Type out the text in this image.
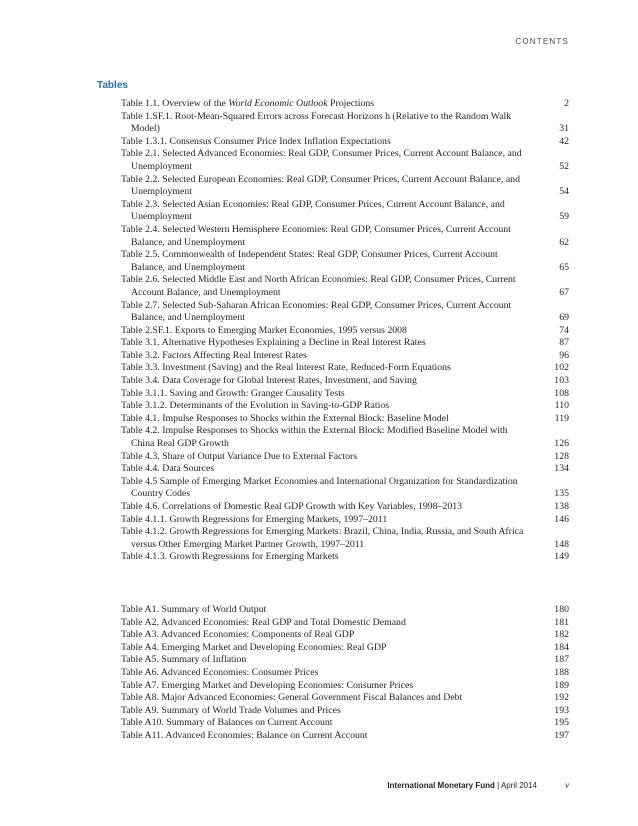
CONTENTS
Tables
Table 1.1. Overview of the World Economic Outlook Projections	2
Table 1.SF.1. Root-Mean-Squared Errors across Forecast Horizons h (Relative to the Random Walk Model)	31
Table 1.3.1. Consensus Consumer Price Index Inflation Expectations	42
Table 2.1. Selected Advanced Economies: Real GDP, Consumer Prices, Current Account Balance, and Unemployment	52
Table 2.2. Selected European Economies: Real GDP, Consumer Prices, Current Account Balance, and Unemployment	54
Table 2.3. Selected Asian Economies: Real GDP, Consumer Prices, Current Account Balance, and Unemployment	59
Table 2.4. Selected Western Hemisphere Economies: Real GDP, Consumer Prices, Current Account Balance, and Unemployment	62
Table 2.5. Commonwealth of Independent States: Real GDP, Consumer Prices, Current Account Balance, and Unemployment	65
Table 2.6. Selected Middle East and North African Economies: Real GDP, Consumer Prices, Current Account Balance, and Unemployment	67
Table 2.7. Selected Sub-Saharan African Economies: Real GDP, Consumer Prices, Current Account Balance, and Unemployment	69
Table 2.SF.1. Exports to Emerging Market Economies, 1995 versus 2008	74
Table 3.1. Alternative Hypotheses Explaining a Decline in Real Interest Rates	87
Table 3.2. Factors Affecting Real Interest Rates	96
Table 3.3. Investment (Saving) and the Real Interest Rate, Reduced-Form Equations	102
Table 3.4. Data Coverage for Global Interest Rates, Investment, and Saving	103
Table 3.1.1. Saving and Growth: Granger Causality Tests	108
Table 3.1.2. Determinants of the Evolution in Saving-to-GDP Ratios	110
Table 4.1. Impulse Responses to Shocks within the External Block: Baseline Model	119
Table 4.2. Impulse Responses to Shocks within the External Block: Modified Baseline Model with China Real GDP Growth	126
Table 4.3. Share of Output Variance Due to External Factors	128
Table 4.4. Data Sources	134
Table 4.5 Sample of Emerging Market Economies and International Organization for Standardization Country Codes	135
Table 4.6. Correlations of Domestic Real GDP Growth with Key Variables, 1998–2013	138
Table 4.1.1. Growth Regressions for Emerging Markets, 1997–2011	146
Table 4.1.2. Growth Regressions for Emerging Markets: Brazil, China, India, Russia, and South Africa versus Other Emerging Market Partner Growth, 1997–2011	148
Table 4.1.3. Growth Regressions for Emerging Markets	149
Table A1. Summary of World Output	180
Table A2. Advanced Economies: Real GDP and Total Domestic Demand	181
Table A3. Advanced Economies: Components of Real GDP	182
Table A4. Emerging Market and Developing Economies: Real GDP	184
Table A5. Summary of Inflation	187
Table A6. Advanced Economies: Consumer Prices	188
Table A7. Emerging Market and Developing Economies: Consumer Prices	189
Table A8. Major Advanced Economies: General Government Fiscal Balances and Debt	192
Table A9. Summary of World Trade Volumes and Prices	193
Table A10. Summary of Balances on Current Account	195
Table A11. Advanced Economies: Balance on Current Account	197
International Monetary Fund | April 2014	v
